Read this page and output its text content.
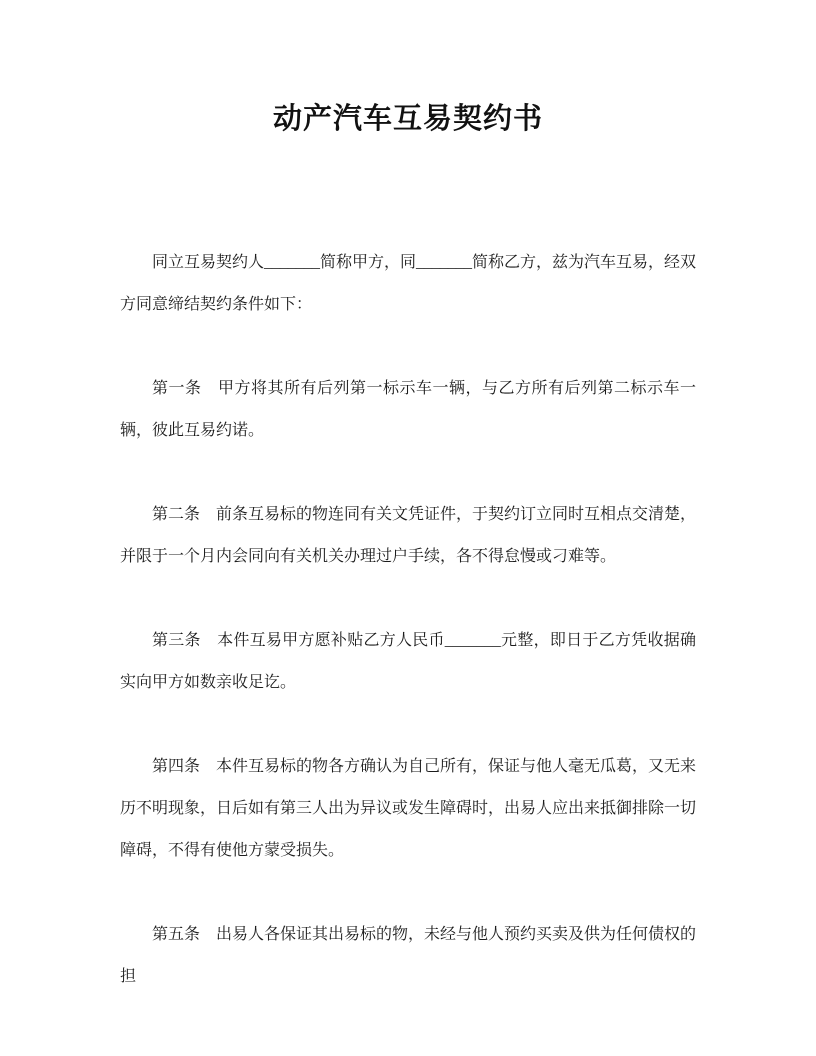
动产汽车互易契约书

同立互易契约人_______简称甲方，同_______简称乙方，兹为汽车互易，经双方同意缔结契约条件如下：

第一条　甲方将其所有后列第一标示车一辆，与乙方所有后列第二标示车一辆，彼此互易约诺。

第二条　前条互易标的物连同有关文凭证件，于契约订立同时互相点交清楚，并限于一个月内会同向有关机关办理过户手续，各不得怠慢或刁难等。

第三条　本件互易甲方愿补贴乙方人民币_______元整，即日于乙方凭收据确实向甲方如数亲收足讫。

第四条　本件互易标的物各方确认为自己所有，保证与他人毫无瓜葛，又无来历不明现象，日后如有第三人出为异议或发生障碍时，出易人应出来抵御排除一切障碍，不得有使他方蒙受损失。

第五条　出易人各保证其出易标的物，未经与他人预约买卖及供为任何债权的担
